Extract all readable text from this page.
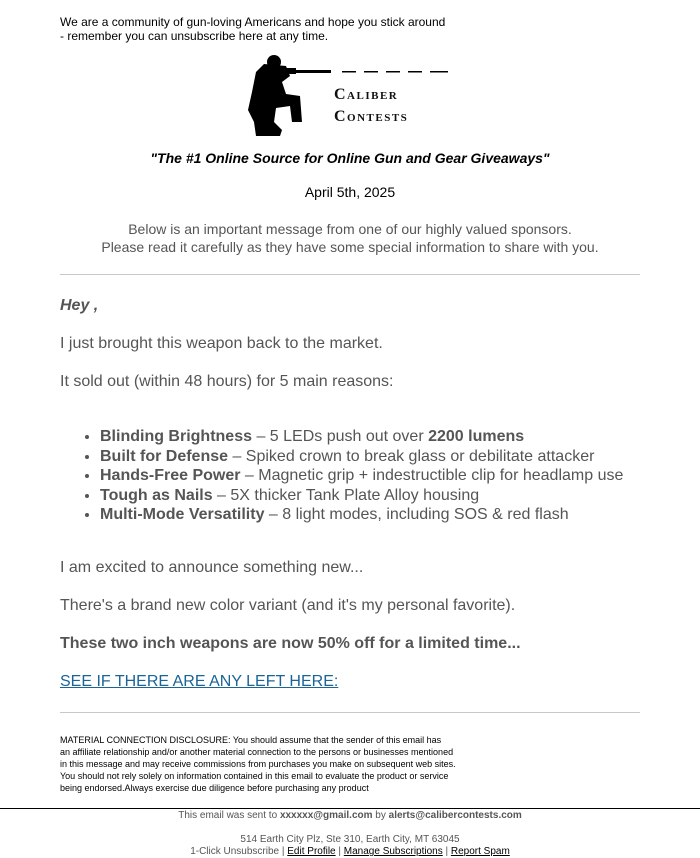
We are a community of gun-loving Americans and hope you stick around
- remember you can unsubscribe here at any time.
Caliber
Contests
"The #1 Online Source for Online Gun and Gear Giveaways"
April 5th, 2025
Below is an important message from one of our highly valued sponsors.
Please read it carefully as they have some special information to share with you.
Hey ,
I just brought this weapon back to the market.
It sold out (within 48 hours) for 5 main reasons:
• Blinding Brightness – 5 LEDs push out over 2200 lumens
• Built for Defense – Spiked crown to break glass or debilitate attacker
• Hands-Free Power – Magnetic grip + indestructible clip for headlamp use
• Tough as Nails – 5X thicker Tank Plate Alloy housing
• Multi-Mode Versatility – 8 light modes, including SOS & red flash
I am excited to announce something new...
There's a brand new color variant (and it's my personal favorite).
These two inch weapons are now 50% off for a limited time...
SEE IF THERE ARE ANY LEFT HERE:
MATERIAL CONNECTION DISCLOSURE: You should assume that the sender of this email has
an affiliate relationship and/or another material connection to the persons or businesses mentioned
in this message and may receive commissions from purchases you make on subsequent web sites.
You should not rely solely on information contained in this email to evaluate the product or service
being endorsed.Always exercise due diligence before purchasing any product
This email was sent to xxxxxx@gmail.com by alerts@calibercontests.com
514 Earth City Plz, Ste 310, Earth City, MT 63045
1-Click Unsubscribe | Edit Profile | Manage Subscriptions | Report Spam
